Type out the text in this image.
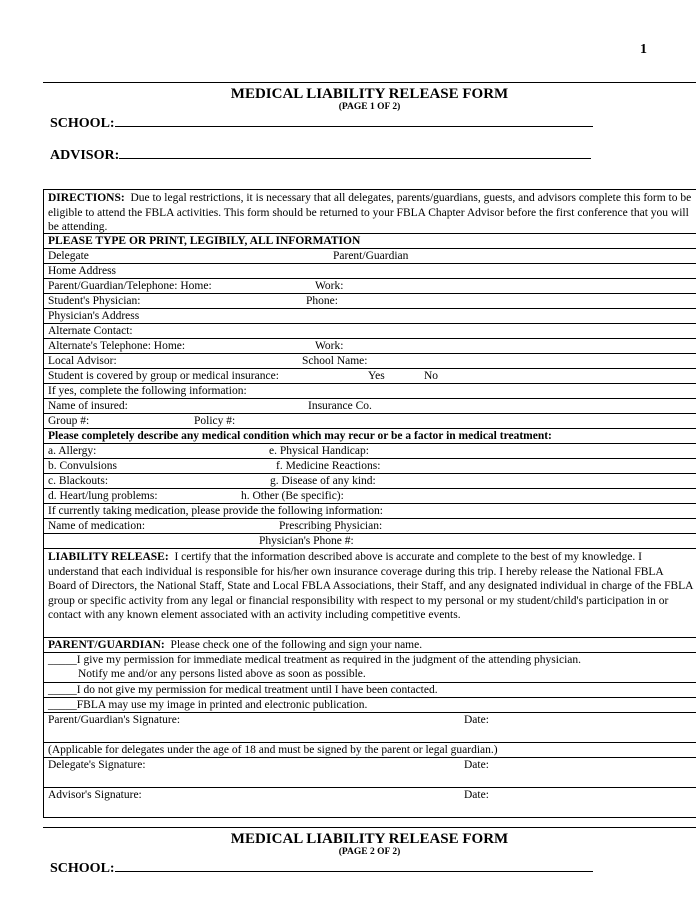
1
MEDICAL LIABILITY RELEASE FORM
(PAGE 1 OF 2)
SCHOOL:
ADVISOR:
DIRECTIONS: Due to legal restrictions, it is necessary that all delegates, parents/guardians, guests, and advisors complete this form to be eligible to attend the FBLA activities. This form should be returned to your FBLA Chapter Advisor before the first conference that you will be attending.
PLEASE TYPE OR PRINT, LEGIBILY, ALL INFORMATION
Delegate	Parent/Guardian
Home Address
Parent/Guardian/Telephone: Home:	Work:
Student's Physician:	Phone:
Physician's Address
Alternate Contact:
Alternate's Telephone: Home:	Work:
Local Advisor:	School Name:
Student is covered by group or medical insurance:	Yes	No
If yes, complete the following information:
Name of insured:	Insurance Co.
Group #:	Policy #:
Please completely describe any medical condition which may recur or be a factor in medical treatment:
a. Allergy:	e. Physical Handicap:
b. Convulsions	f. Medicine Reactions:
c. Blackouts:	g. Disease of any kind:
d. Heart/lung problems:	h. Other (Be specific):
If currently taking medication, please provide the following information:
Name of medication:	Prescribing Physician:
Physician's Phone #:
LIABILITY RELEASE: I certify that the information described above is accurate and complete to the best of my knowledge. I understand that each individual is responsible for his/her own insurance coverage during this trip. I hereby release the National FBLA Board of Directors, the National Staff, State and Local FBLA Associations, their Staff, and any designated individual in charge of the FBLA group or specific activity from any legal or financial responsibility with respect to my personal or my student/child's participation in or contact with any known element associated with an activity including competitive events.
PARENT/GUARDIAN: Please check one of the following and sign your name.
_____I give my permission for immediate medical treatment as required in the judgment of the attending physician.
Notify me and/or any persons listed above as soon as possible.
_____I do not give my permission for medical treatment until I have been contacted.
_____FBLA may use my image in printed and electronic publication.
Parent/Guardian's Signature:	Date:
(Applicable for delegates under the age of 18 and must be signed by the parent or legal guardian.)
Delegate's Signature:	Date:
Advisor's Signature:	Date:
MEDICAL LIABILITY RELEASE FORM
(PAGE 2 OF 2)
SCHOOL:
